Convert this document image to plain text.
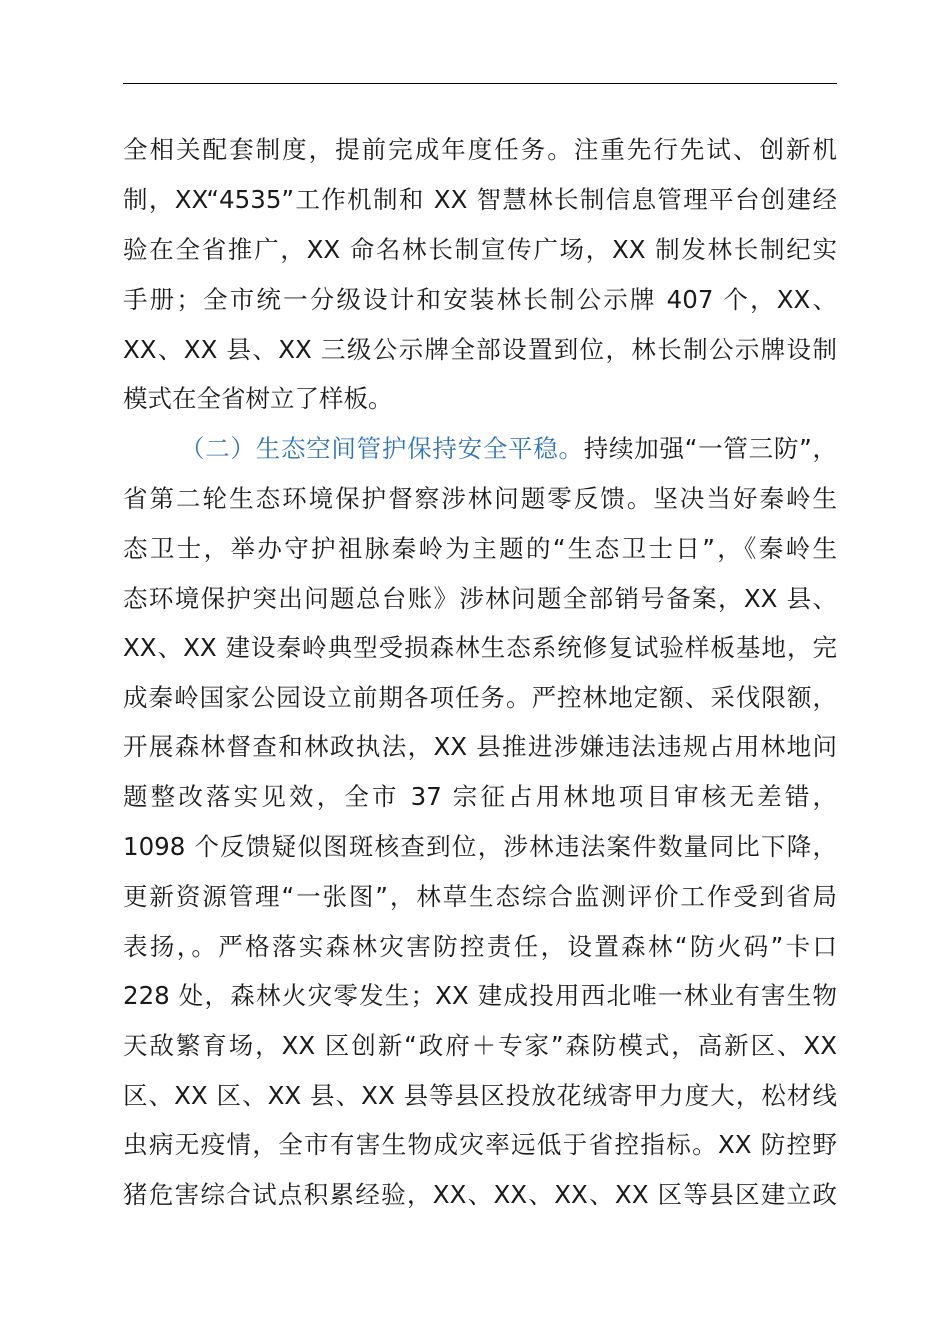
全相关配套制度，提前完成年度任务。注重先行先试、创新机

制，XX“4535”工作机制和 XX 智慧林长制信息管理平台创建经

验在全省推广，XX 命名林长制宣传广场，XX 制发林长制纪实

手册；全市统一分级设计和安装林长制公示牌 407 个，XX、

XX、XX 县、XX 三级公示牌全部设置到位，林长制公示牌设制

模式在全省树立了样板。

（二）生态空间管护保持安全平稳。持续加强“一管三防”，

省第二轮生态环境保护督察涉林问题零反馈。坚决当好秦岭生

态卫士，举办守护祖脉秦岭为主题的“生态卫士日”，《秦岭生

态环境保护突出问题总台账》涉林问题全部销号备案，XX 县、

XX、XX 建设秦岭典型受损森林生态系统修复试验样板基地，完

成秦岭国家公园设立前期各项任务。严控林地定额、采伐限额，

开展森林督查和林政执法，XX 县推进涉嫌违法违规占用林地问

题整改落实见效，全市 37 宗征占用林地项目审核无差错，

1098 个反馈疑似图斑核查到位，涉林违法案件数量同比下降，

更新资源管理“一张图”，林草生态综合监测评价工作受到省局

表扬，。严格落实森林灾害防控责任，设置森林“防火码”卡口

228 处，森林火灾零发生；XX 建成投用西北唯一林业有害生物

天敌繁育场，XX 区创新“政府＋专家”森防模式，高新区、XX

区、XX 区、XX 县、XX 县等县区投放花绒寄甲力度大，松材线

虫病无疫情，全市有害生物成灾率远低于省控指标。XX 防控野

猪危害综合试点积累经验，XX、XX、XX、XX 区等县区建立政
